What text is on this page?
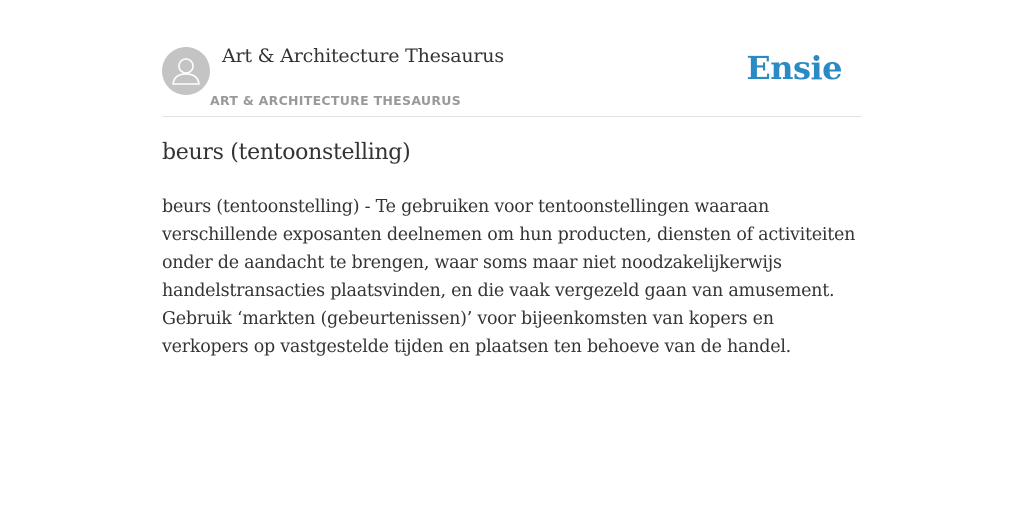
Art & Architecture Thesaurus
ART & ARCHITECTURE THESAURUS
Ensie
beurs (tentoonstelling)

beurs (tentoonstelling) - Te gebruiken voor tentoonstellingen waaraan verschillende exposanten deelnemen om hun producten, diensten of activiteiten onder de aandacht te brengen, waar soms maar niet noodzakelijkerwijs handelstransacties plaatsvinden, en die vaak vergezeld gaan van amusement. Gebruik ‘markten (gebeurtenissen)’ voor bijeenkomsten van kopers en verkopers op vastgestelde tijden en plaatsen ten behoeve van de handel.
